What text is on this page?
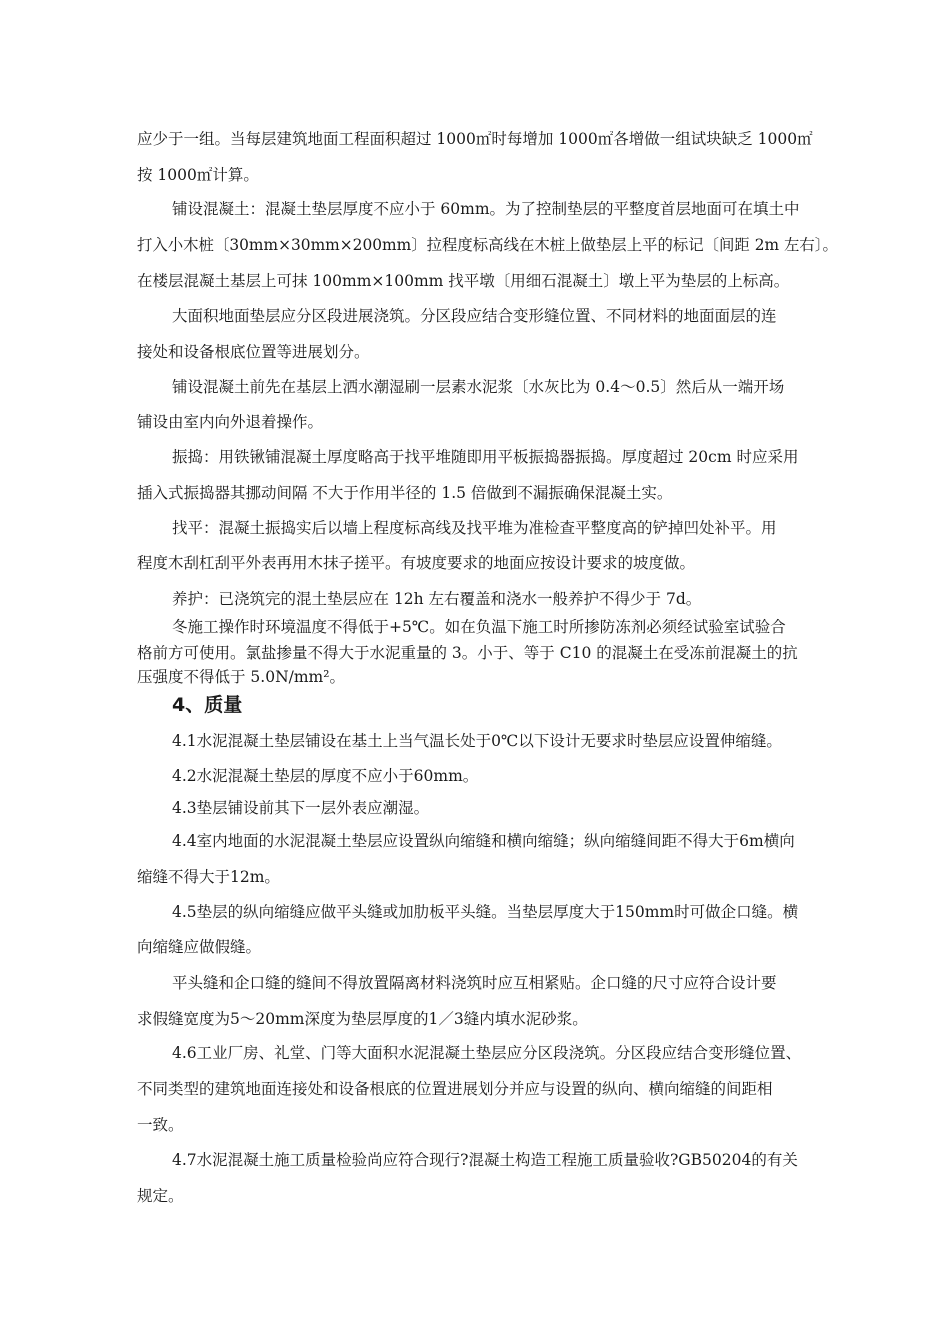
应少于一组。当每层建筑地面工程面积超过 1000㎡时每增加 1000㎡各增做一组试块缺乏 1000㎡
按 1000㎡计算。
铺设混凝土：混凝土垫层厚度不应小于 60mm。为了控制垫层的平整度首层地面可在填土中
打入小木桩〔30mm×30mm×200mm〕拉程度标高线在木桩上做垫层上平的标记〔间距 2m 左右〕。
在楼层混凝土基层上可抹 100mm×100mm 找平墩〔用细石混凝土〕墩上平为垫层的上标高。
大面积地面垫层应分区段进展浇筑。分区段应结合变形缝位置、不同材料的地面面层的连
接处和设备根底位置等进展划分。
铺设混凝土前先在基层上洒水潮湿刷一层素水泥浆〔水灰比为 0.4～0.5〕然后从一端开场
铺设由室内向外退着操作。
振捣：用铁锹铺混凝土厚度略高于找平堆随即用平板振捣器振捣。厚度超过 20cm 时应采用
插入式振捣器其挪动间隔 不大于作用半径的 1.5 倍做到不漏振确保混凝土实。
找平：混凝土振捣实后以墙上程度标高线及找平堆为准检查平整度高的铲掉凹处补平。用
程度木刮杠刮平外表再用木抹子搓平。有坡度要求的地面应按设计要求的坡度做。
养护：已浇筑完的混土垫层应在 12h 左右覆盖和浇水一般养护不得少于 7d。
冬施工操作时环境温度不得低于+5℃。如在负温下施工时所掺防冻剂必须经试验室试验合
格前方可使用。氯盐掺量不得大于水泥重量的 3。小于、等于 C10 的混凝土在受冻前混凝土的抗
压强度不得低于 5.0N/mm²。
4、质量
4.1水泥混凝土垫层铺设在基土上当气温长处于0℃以下设计无要求时垫层应设置伸缩缝。
4.2水泥混凝土垫层的厚度不应小于60mm。
4.3垫层铺设前其下一层外表应潮湿。
4.4室内地面的水泥混凝土垫层应设置纵向缩缝和横向缩缝；纵向缩缝间距不得大于6m横向
缩缝不得大于12m。
4.5垫层的纵向缩缝应做平头缝或加肋板平头缝。当垫层厚度大于150mm时可做企口缝。横
向缩缝应做假缝。
平头缝和企口缝的缝间不得放置隔离材料浇筑时应互相紧贴。企口缝的尺寸应符合设计要
求假缝宽度为5～20mm深度为垫层厚度的1／3缝内填水泥砂浆。
4.6工业厂房、礼堂、门等大面积水泥混凝土垫层应分区段浇筑。分区段应结合变形缝位置、
不同类型的建筑地面连接处和设备根底的位置进展划分并应与设置的纵向、横向缩缝的间距相
一致。
4.7水泥混凝土施工质量检验尚应符合现行?混凝土构造工程施工质量验收?GB50204的有关
规定。
